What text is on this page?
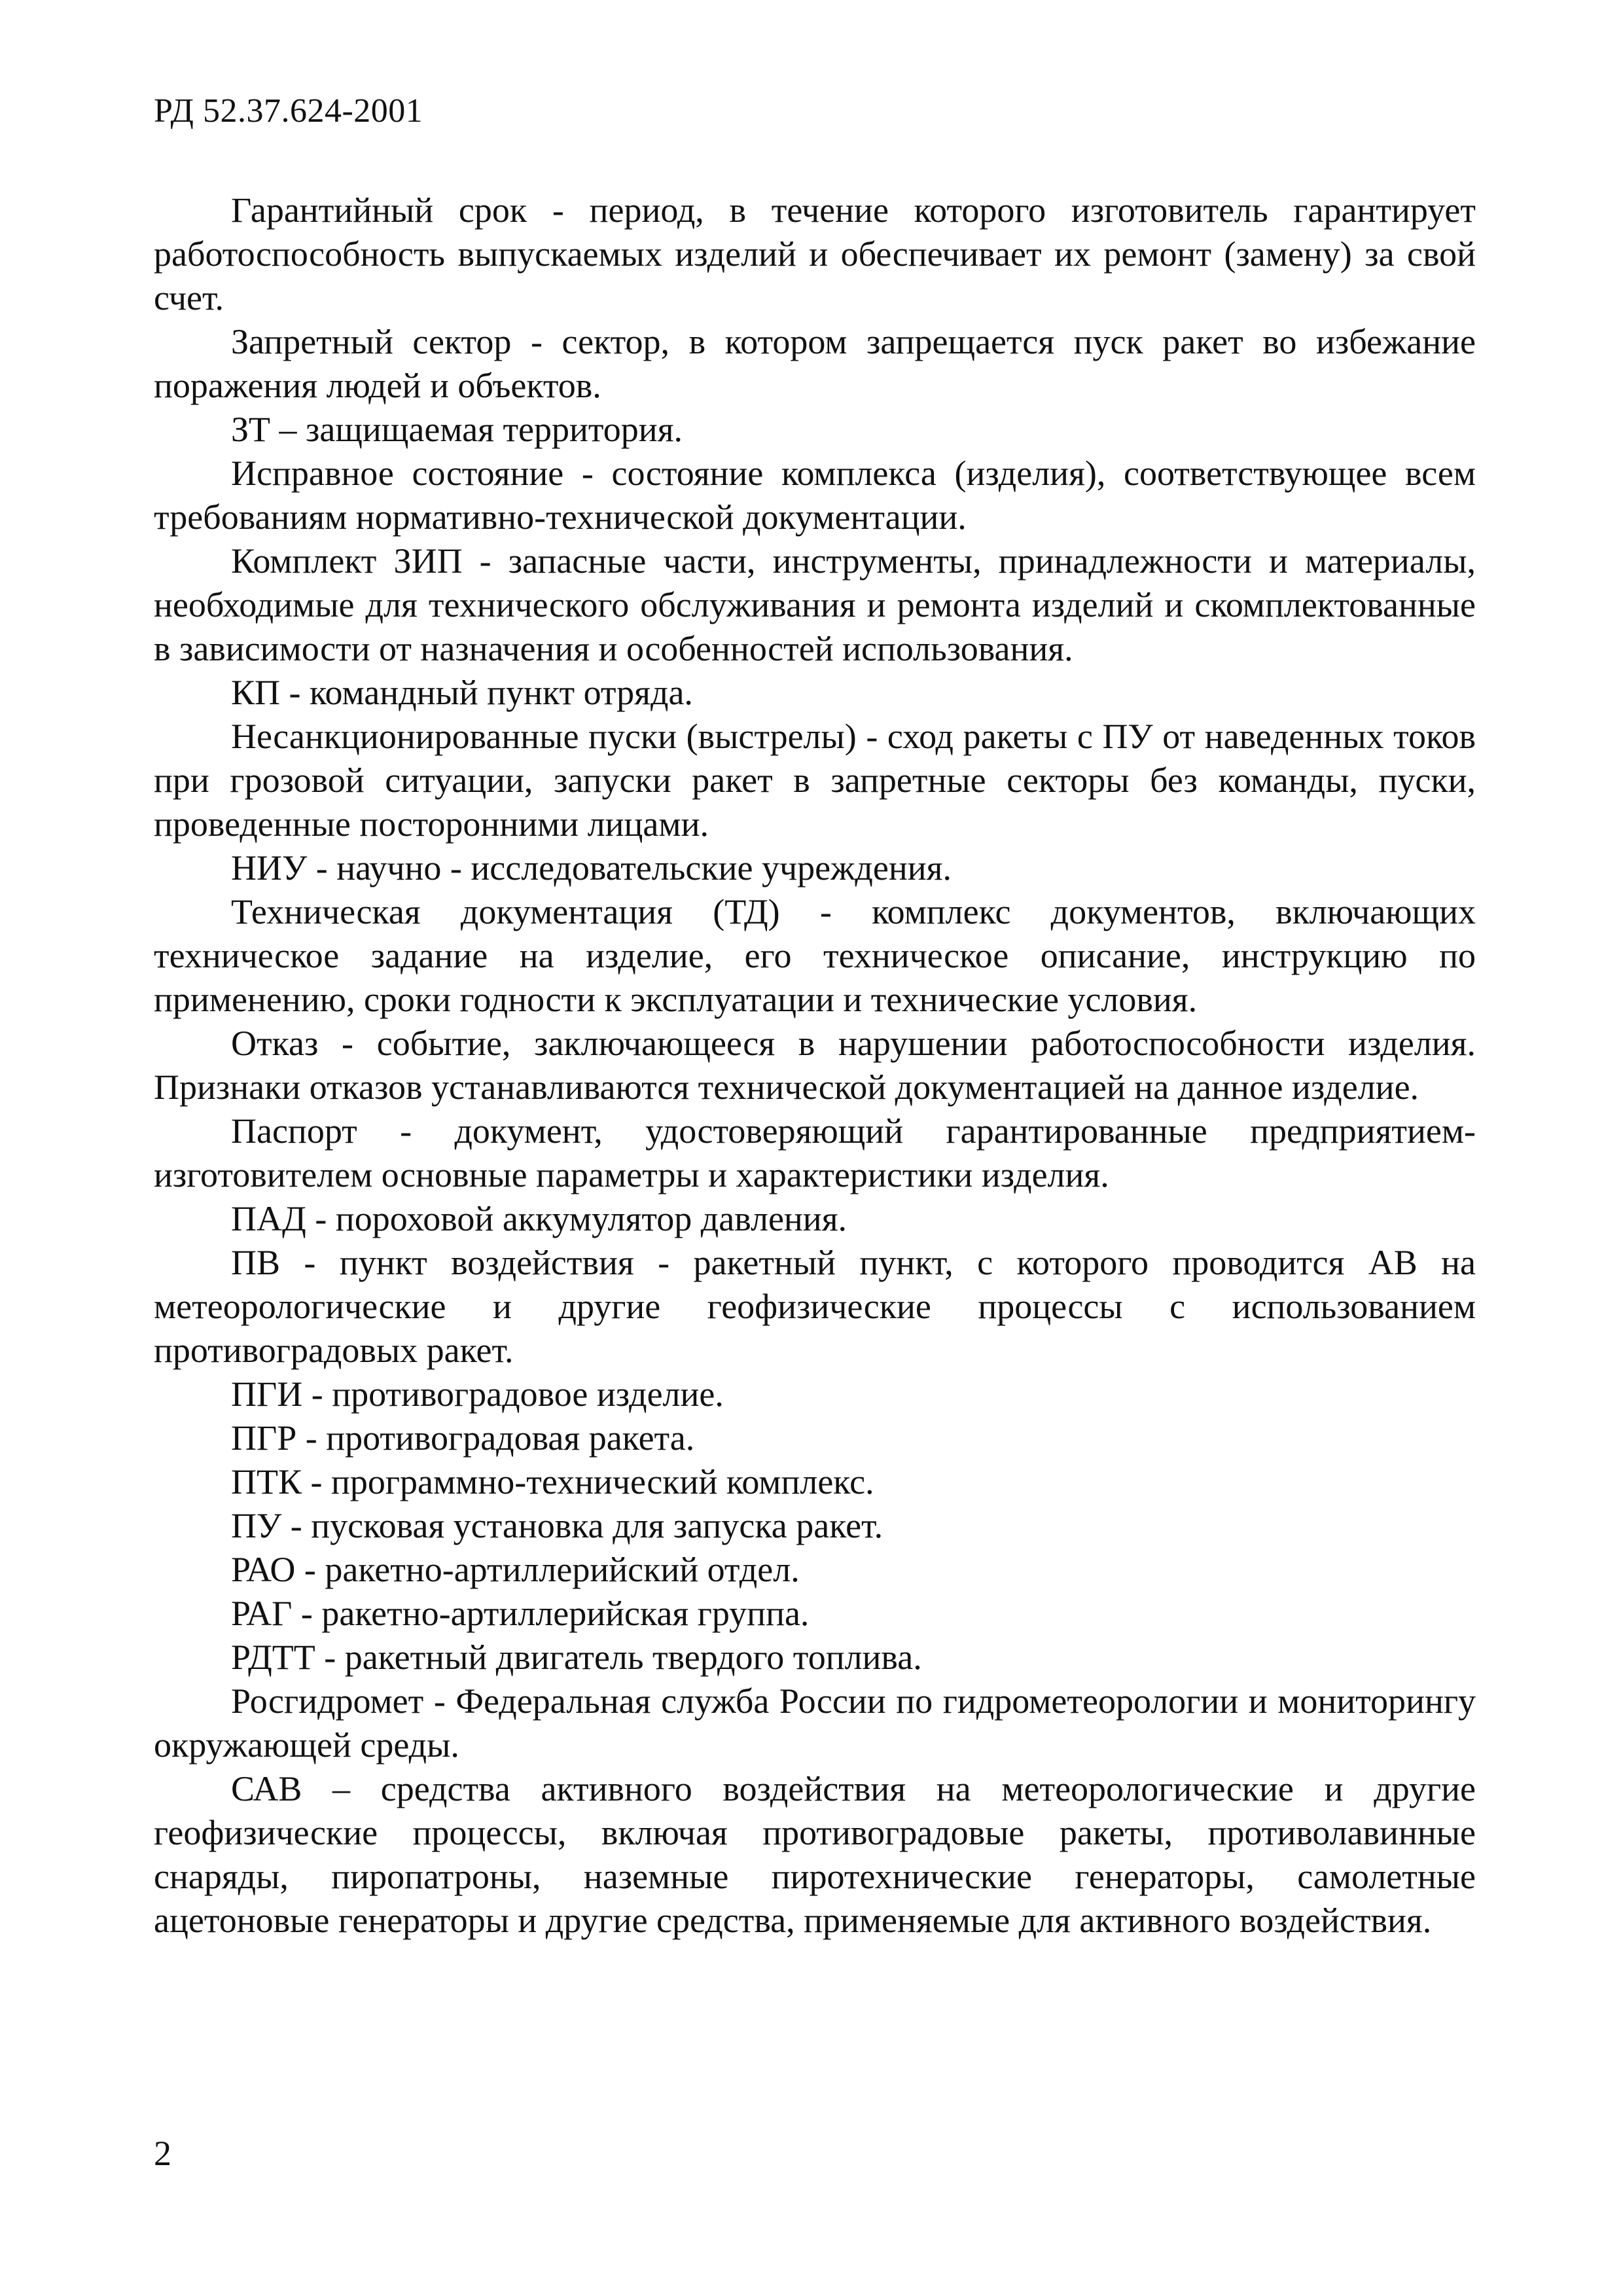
РД 52.37.624-2001

Гарантийный срок - период, в течение которого изготовитель гарантирует работоспособность выпускаемых изделий и обеспечивает их ремонт (замену) за свой счет.

Запретный сектор - сектор, в котором запрещается пуск ракет во избежание поражения людей и объектов.

ЗТ – защищаемая территория.

Исправное состояние - состояние комплекса (изделия), соответствующее всем требованиям нормативно-технической документации.

Комплект ЗИП - запасные части, инструменты, принадлежности и материалы, необходимые для технического обслуживания и ремонта изделий и скомплектованные в зависимости от назначения и особенностей использования.

КП - командный пункт отряда.

Несанкционированные пуски (выстрелы) - сход ракеты с ПУ от наведенных токов при грозовой ситуации, запуски ракет в запретные секторы без команды, пуски, проведенные посторонними лицами.

НИУ - научно - исследовательские учреждения.

Техническая документация (ТД) - комплекс документов, включающих техническое задание на изделие, его техническое описание, инструкцию по применению, сроки годности к эксплуатации и технические условия.

Отказ - событие, заключающееся в нарушении работоспособности изделия. Признаки отказов устанавливаются технической документацией на данное изделие.

Паспорт - документ, удостоверяющий гарантированные предприятием-изготовителем основные параметры и характеристики изделия.

ПАД - пороховой аккумулятор давления.

ПВ - пункт воздействия - ракетный пункт, с которого проводится АВ на метеорологические и другие геофизические процессы с использованием противоградовых ракет.

ПГИ - противоградовое изделие.

ПГР - противоградовая ракета.

ПТК - программно-технический комплекс.

ПУ - пусковая установка для запуска ракет.

РАО - ракетно-артиллерийский отдел.

РАГ - ракетно-артиллерийская группа.

РДТТ - ракетный двигатель твердого топлива.

Росгидромет - Федеральная служба России по гидрометеорологии и мониторингу окружающей среды.

САВ – средства активного воздействия на метеорологические и другие геофизические процессы, включая противоградовые ракеты, противолавинные снаряды, пиропатроны, наземные пиротехнические генераторы, самолетные ацетоновые генераторы и другие средства, применяемые для активного воздействия.

2
